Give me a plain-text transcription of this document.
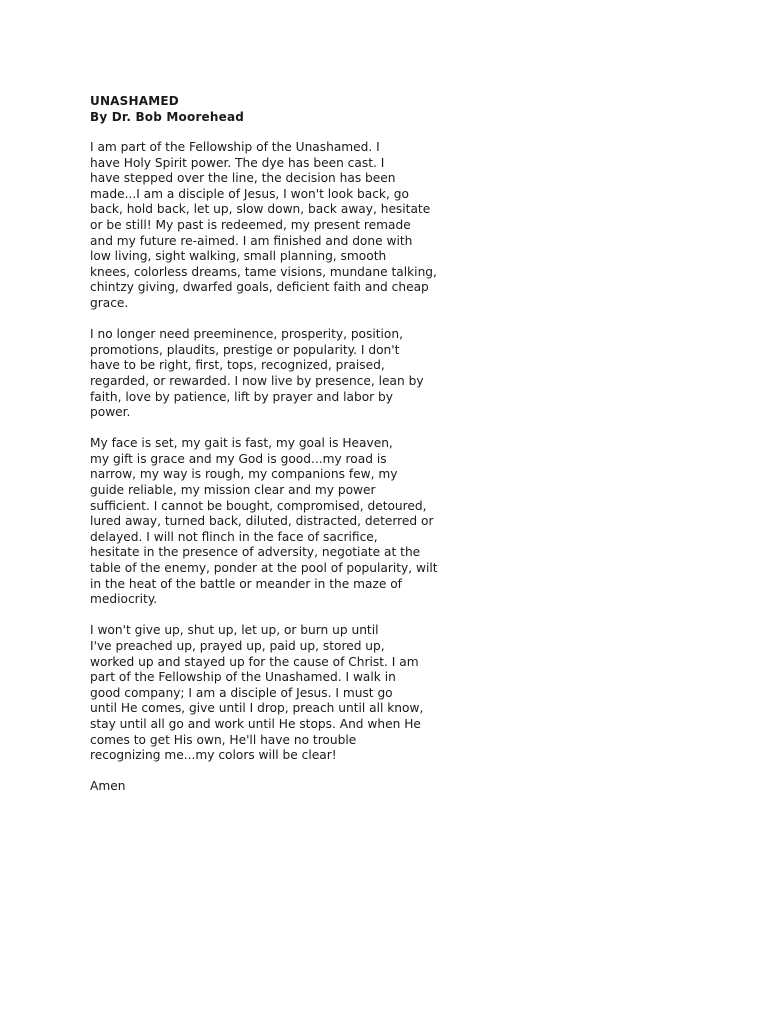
UNASHAMED
By Dr. Bob Moorehead
I am part of the Fellowship of the Unashamed. I
have Holy Spirit power. The dye has been cast. I
have stepped over the line, the decision has been
made...I am a disciple of Jesus, I won't look back, go
back, hold back, let up, slow down, back away, hesitate
or be still! My past is redeemed, my present remade
and my future re-aimed. I am finished and done with
low living, sight walking, small planning, smooth
knees, colorless dreams, tame visions, mundane talking,
chintzy giving, dwarfed goals, deficient faith and cheap
grace.
I no longer need preeminence, prosperity, position,
promotions, plaudits, prestige or popularity. I don't
have to be right, first, tops, recognized, praised,
regarded, or rewarded. I now live by presence, lean by
faith, love by patience, lift by prayer and labor by
power.
My face is set, my gait is fast, my goal is Heaven,
my gift is grace and my God is good...my road is
narrow, my way is rough, my companions few, my
guide reliable, my mission clear and my power
sufficient. I cannot be bought, compromised, detoured,
lured away, turned back, diluted, distracted, deterred or
delayed. I will not flinch in the face of sacrifice,
hesitate in the presence of adversity, negotiate at the
table of the enemy, ponder at the pool of popularity, wilt
in the heat of the battle or meander in the maze of
mediocrity.
I won't give up, shut up, let up, or burn up until
I've preached up, prayed up, paid up, stored up,
worked up and stayed up for the cause of Christ. I am
part of the Fellowship of the Unashamed. I walk in
good company; I am a disciple of Jesus. I must go
until He comes, give until I drop, preach until all know,
stay until all go and work until He stops. And when He
comes to get His own, He'll have no trouble
recognizing me...my colors will be clear!
Amen
